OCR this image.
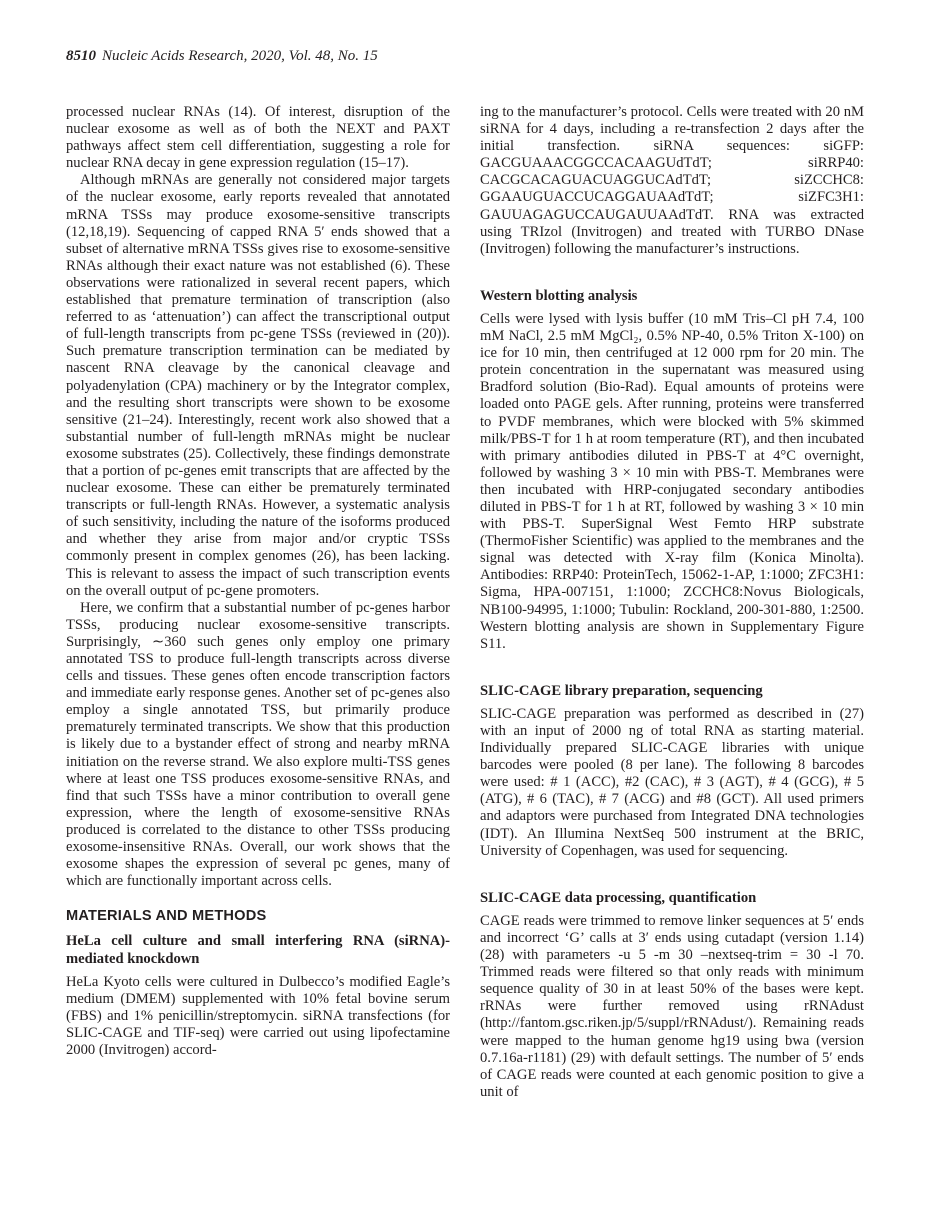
8510 Nucleic Acids Research, 2020, Vol. 48, No. 15

processed nuclear RNAs (14). Of interest, disruption of the nuclear exosome as well as of both the NEXT and PAXT pathways affect stem cell differentiation, suggesting a role for nuclear RNA decay in gene expression regulation (15–17).

Although mRNAs are generally not considered major targets of the nuclear exosome, early reports revealed that annotated mRNA TSSs may produce exosome-sensitive transcripts (12,18,19). Sequencing of capped RNA 5′ ends showed that a subset of alternative mRNA TSSs gives rise to exosome-sensitive RNAs although their exact nature was not established (6). These observations were rationalized in several recent papers, which established that premature termination of transcription (also referred to as ‘attenuation’) can affect the transcriptional output of full-length transcripts from pc-gene TSSs (reviewed in (20)). Such premature transcription termination can be mediated by nascent RNA cleavage by the canonical cleavage and polyadenylation (CPA) machinery or by the Integrator complex, and the resulting short transcripts were shown to be exosome sensitive (21–24). Interestingly, recent work also showed that a substantial number of full-length mRNAs might be nuclear exosome substrates (25). Collectively, these findings demonstrate that a portion of pc-genes emit transcripts that are affected by the nuclear exosome. These can either be prematurely terminated transcripts or full-length RNAs. However, a systematic analysis of such sensitivity, including the nature of the isoforms produced and whether they arise from major and/or cryptic TSSs commonly present in complex genomes (26), has been lacking. This is relevant to assess the impact of such transcription events on the overall output of pc-gene promoters.

Here, we confirm that a substantial number of pc-genes harbor TSSs, producing nuclear exosome-sensitive transcripts. Surprisingly, ∼360 such genes only employ one primary annotated TSS to produce full-length transcripts across diverse cells and tissues. These genes often encode transcription factors and immediate early response genes. Another set of pc-genes also employ a single annotated TSS, but primarily produce prematurely terminated transcripts. We show that this production is likely due to a bystander effect of strong and nearby mRNA initiation on the reverse strand. We also explore multi-TSS genes where at least one TSS produces exosome-sensitive RNAs, and find that such TSSs have a minor contribution to overall gene expression, where the length of exosome-sensitive RNAs produced is correlated to the distance to other TSSs producing exosome-insensitive RNAs. Overall, our work shows that the exosome shapes the expression of several pc genes, many of which are functionally important across cells.

MATERIALS AND METHODS
HeLa cell culture and small interfering RNA (siRNA)-mediated knockdown

HeLa Kyoto cells were cultured in Dulbecco’s modified Eagle’s medium (DMEM) supplemented with 10% fetal bovine serum (FBS) and 1% penicillin/streptomycin. siRNA transfections (for SLIC-CAGE and TIF-seq) were carried out using lipofectamine 2000 (Invitrogen) accord-

ing to the manufacturer’s protocol. Cells were treated with 20 nM siRNA for 4 days, including a re-transfection 2 days after the initial transfection. siRNA sequences: siGFP: GACGUAAACGGCCACAAGUdTdT; siRRP40: CACGCACAGUACUAGGUCAdTdT; siZCCHC8: GGAAUGUACCUCAGGAUAAdTdT; siZFC3H1: GAUUAGAGUCCAUGAUUAAdTdT. RNA was extracted using TRIzol (Invitrogen) and treated with TURBO DNase (Invitrogen) following the manufacturer’s instructions.

Western blotting analysis

Cells were lysed with lysis buffer (10 mM Tris–Cl pH 7.4, 100 mM NaCl, 2.5 mM MgCl₂, 0.5% NP-40, 0.5% Triton X-100) on ice for 10 min, then centrifuged at 12 000 rpm for 20 min. The protein concentration in the supernatant was measured using Bradford solution (Bio-Rad). Equal amounts of proteins were loaded onto PAGE gels. After running, proteins were transferred to PVDF membranes, which were blocked with 5% skimmed milk/PBS-T for 1 h at room temperature (RT), and then incubated with primary antibodies diluted in PBS-T at 4°C overnight, followed by washing 3 × 10 min with PBS-T. Membranes were then incubated with HRP-conjugated secondary antibodies diluted in PBS-T for 1 h at RT, followed by washing 3 × 10 min with PBS-T. SuperSignal West Femto HRP substrate (ThermoFisher Scientific) was applied to the membranes and the signal was detected with X-ray film (Konica Minolta). Antibodies: RRP40: ProteinTech, 15062-1-AP, 1:1000; ZFC3H1: Sigma, HPA-007151, 1:1000; ZCCHC8:Novus Biologicals, NB100-94995, 1:1000; Tubulin: Rockland, 200-301-880, 1:2500. Western blotting analysis are shown in Supplementary Figure S11.

SLIC-CAGE library preparation, sequencing

SLIC-CAGE preparation was performed as described in (27) with an input of 2000 ng of total RNA as starting material. Individually prepared SLIC-CAGE libraries with unique barcodes were pooled (8 per lane). The following 8 barcodes were used: # 1 (ACC), #2 (CAC), # 3 (AGT), # 4 (GCG), # 5 (ATG), # 6 (TAC), # 7 (ACG) and #8 (GCT). All used primers and adaptors were purchased from Integrated DNA technologies (IDT). An Illumina NextSeq 500 instrument at the BRIC, University of Copenhagen, was used for sequencing.

SLIC-CAGE data processing, quantification

CAGE reads were trimmed to remove linker sequences at 5′ ends and incorrect ‘G’ calls at 3′ ends using cutadapt (version 1.14) (28) with parameters -u 5 -m 30 –nextseq-trim = 30 -l 70. Trimmed reads were filtered so that only reads with minimum sequence quality of 30 in at least 50% of the bases were kept. rRNAs were further removed using rRNAdust (http://fantom.gsc.riken.jp/5/suppl/rRNAdust/). Remaining reads were mapped to the human genome hg19 using bwa (version 0.7.16a-r1181) (29) with default settings. The number of 5′ ends of CAGE reads were counted at each genomic position to give a unit of
